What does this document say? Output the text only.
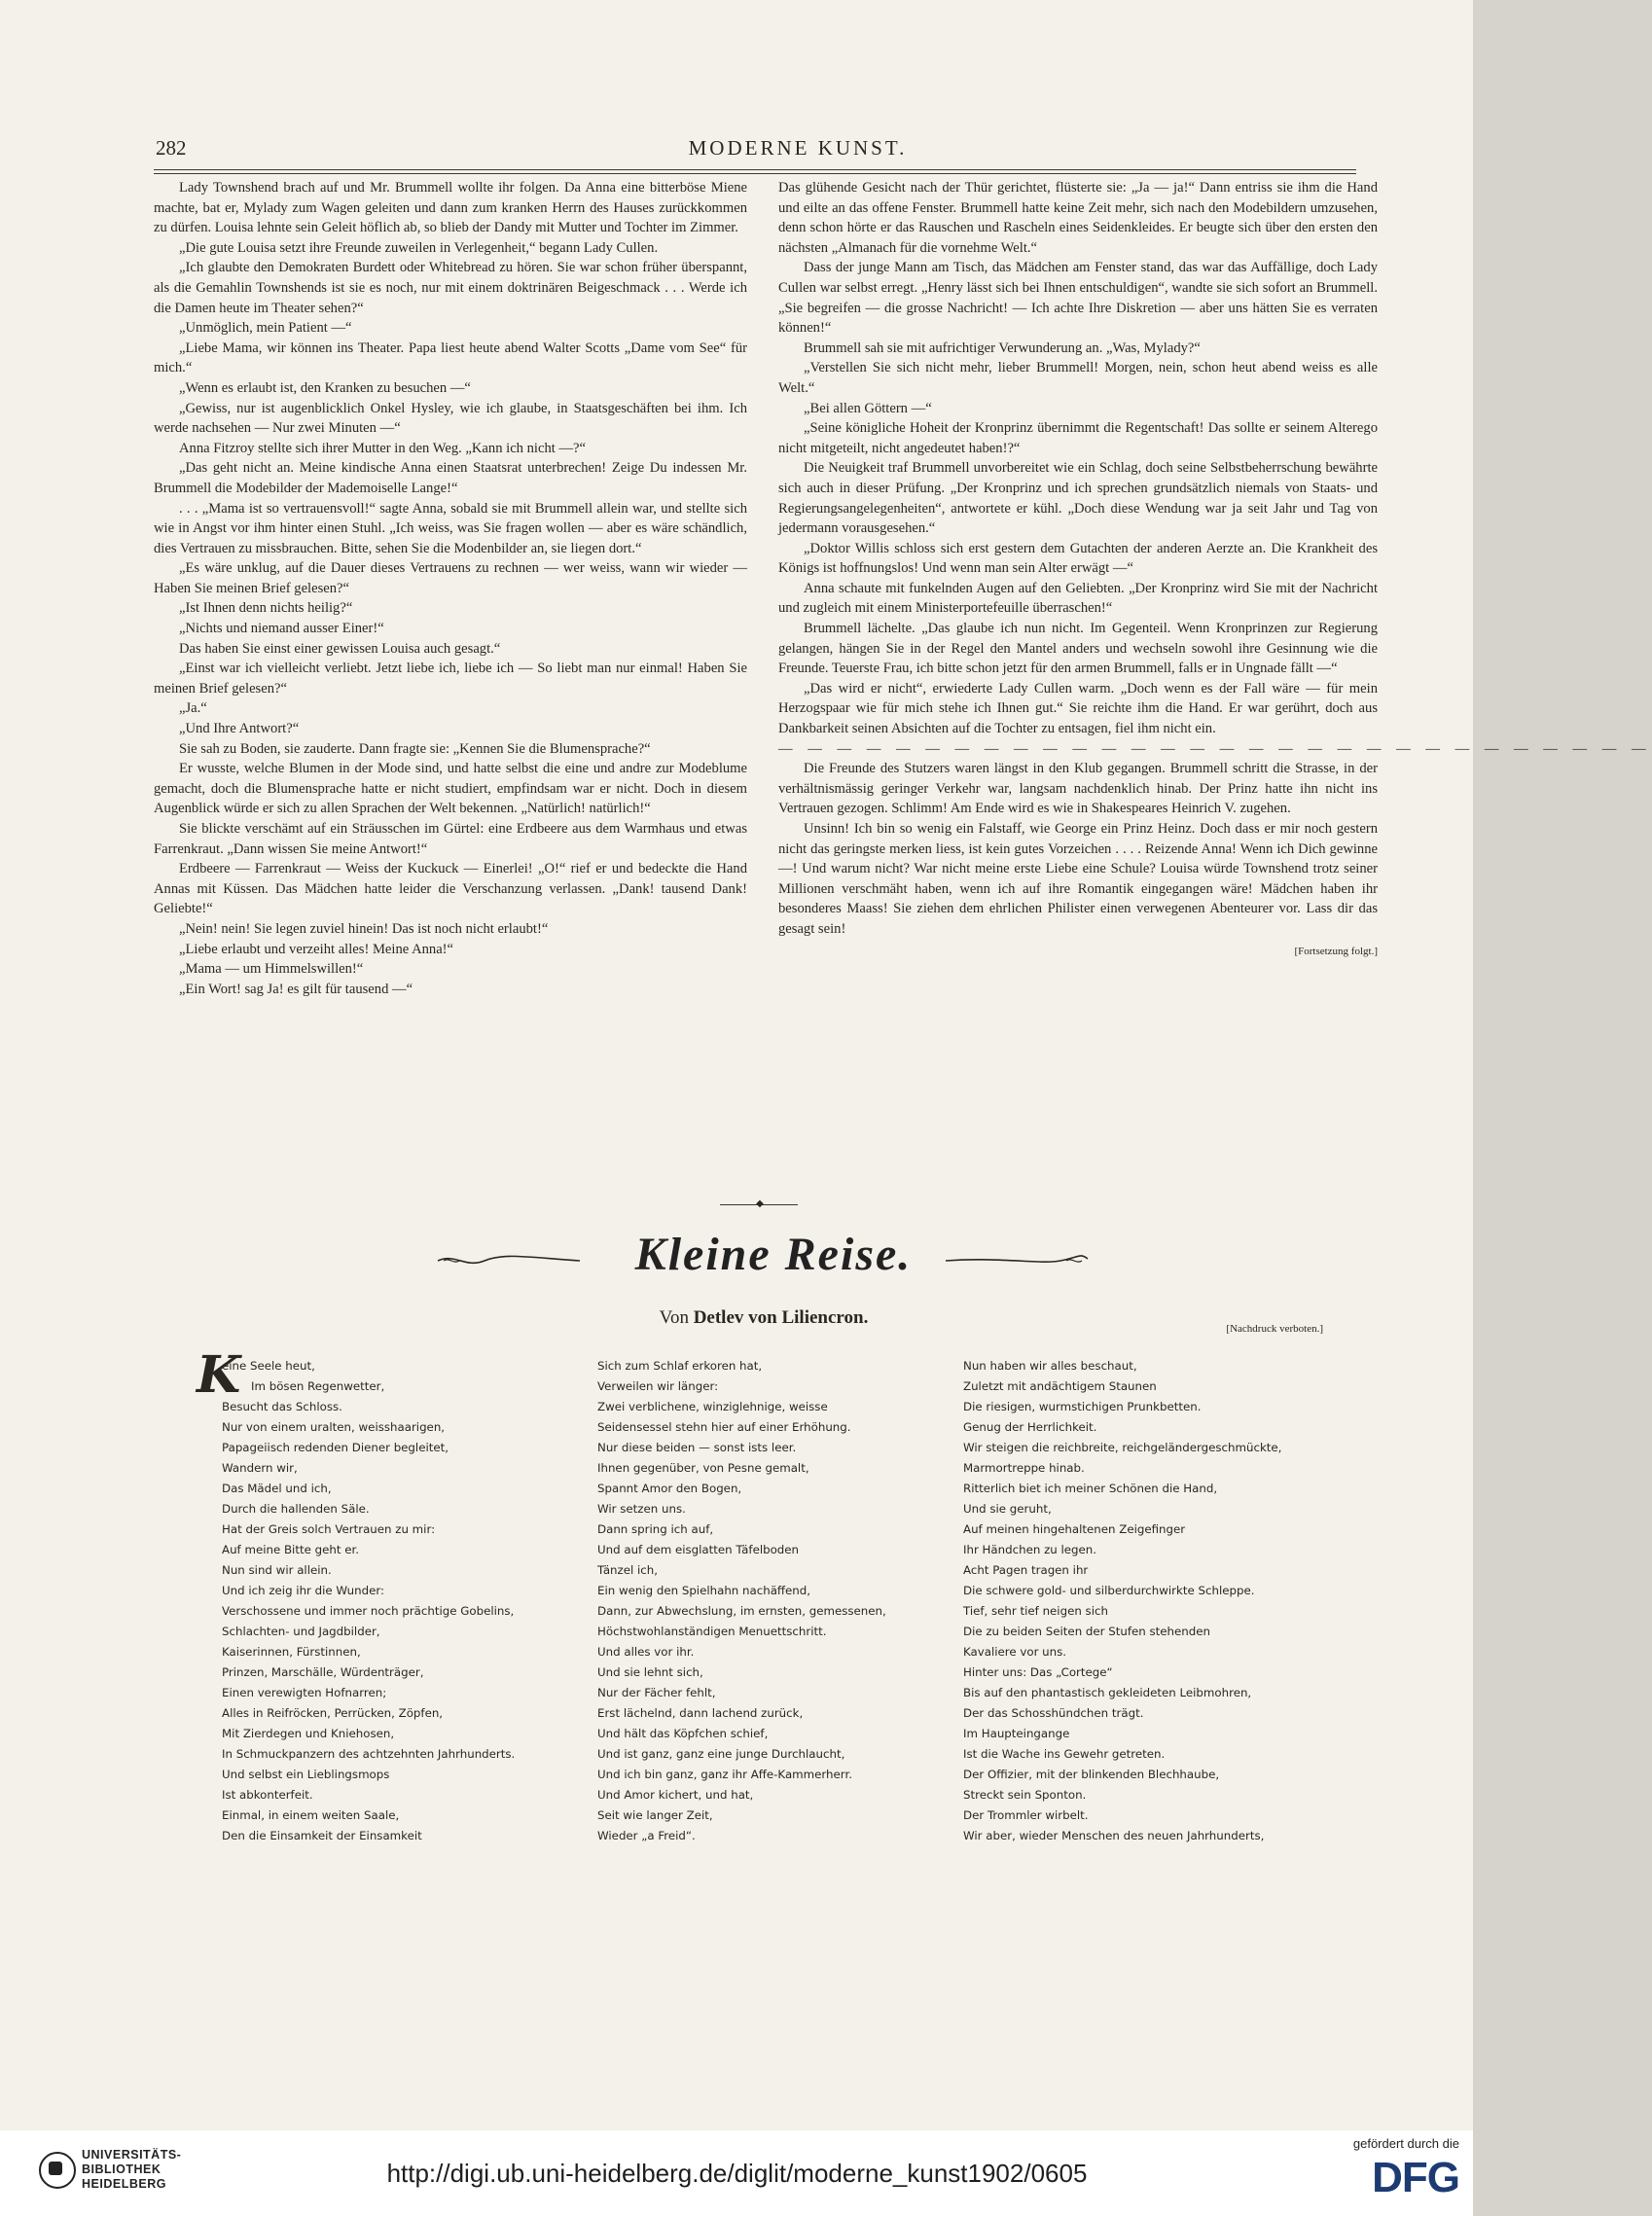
282	MODERNE KUNST.

Lady Townshend brach auf und Mr. Brummell wollte ihr folgen. Da Anna eine bitterböse Miene machte, bat er, Mylady zum Wagen geleiten und dann zum kranken Herrn des Hauses zurückkommen zu dürfen. Louisa lehnte sein Geleit höflich ab, so blieb der Dandy mit Mutter und Tochter im Zimmer.

„Die gute Louisa setzt ihre Freunde zuweilen in Verlegenheit,“ begann Lady Cullen.

„Ich glaubte den Demokraten Burdett oder Whitebread zu hören. Sie war schon früher überspannt, als die Gemahlin Townshends ist sie es noch, nur mit einem doktrinären Beigeschmack . . . Werde ich die Damen heute im Theater sehen?“

„Unmöglich, mein Patient —“

„Liebe Mama, wir können ins Theater. Papa liest heute abend Walter Scotts „Dame vom See“ für mich.“

„Wenn es erlaubt ist, den Kranken zu besuchen —“

„Gewiss, nur ist augenblicklich Onkel Hysley, wie ich glaube, in Staatsgeschäften bei ihm. Ich werde nachsehen — Nur zwei Minuten —“

Anna Fitzroy stellte sich ihrer Mutter in den Weg. „Kann ich nicht —?“

„Das geht nicht an. Meine kindische Anna einen Staatsrat unterbrechen! Zeige Du indessen Mr. Brummell die Modebilder der Mademoiselle Lange!“

. . . „Mama ist so vertrauensvoll!“ sagte Anna, sobald sie mit Brummell allein war, und stellte sich wie in Angst vor ihm hinter einen Stuhl. „Ich weiss, was Sie fragen wollen — aber es wäre schändlich, dies Vertrauen zu missbrauchen. Bitte, sehen Sie die Modenbilder an, sie liegen dort.“

„Es wäre unklug, auf die Dauer dieses Vertrauens zu rechnen — wer weiss, wann wir wieder — Haben Sie meinen Brief gelesen?“

„Ist Ihnen denn nichts heilig?“

„Nichts und niemand ausser Einer!“

Das haben Sie einst einer gewissen Louisa auch gesagt.“

„Einst war ich vielleicht verliebt. Jetzt liebe ich, liebe ich — So liebt man nur einmal! Haben Sie meinen Brief gelesen?“

„Ja.“

„Und Ihre Antwort?“

Sie sah zu Boden, sie zauderte. Dann fragte sie: „Kennen Sie die Blumensprache?“

Er wusste, welche Blumen in der Mode sind, und hatte selbst die eine und andre zur Modeblume gemacht, doch die Blumensprache hatte er nicht studiert, empfindsam war er nicht. Doch in diesem Augenblick würde er sich zu allen Sprachen der Welt bekennen. „Natürlich! natürlich!“

Sie blickte verschämt auf ein Sträusschen im Gürtel: eine Erdbeere aus dem Warmhaus und etwas Farrenkraut. „Dann wissen Sie meine Antwort!“

Erdbeere — Farrenkraut — Weiss der Kuckuck — Einerlei! „O!“ rief er und bedeckte die Hand Annas mit Küssen. Das Mädchen hatte leider die Verschanzung verlassen. „Dank! tausend Dank! Geliebte!“

„Nein! nein! Sie legen zuviel hinein! Das ist noch nicht erlaubt!“

„Liebe erlaubt und verzeiht alles! Meine Anna!“

„Mama — um Himmelswillen!“

„Ein Wort! sag Ja! es gilt für tausend —“

Das glühende Gesicht nach der Thür gerichtet, flüsterte sie: „Ja — ja!“ Dann entriss sie ihm die Hand und eilte an das offene Fenster. Brummell hatte keine Zeit mehr, sich nach den Modebildern umzusehen, denn schon hörte er das Rauschen und Rascheln eines Seidenkleides. Er beugte sich über den ersten den nächsten „Almanach für die vornehme Welt.“

Dass der junge Mann am Tisch, das Mädchen am Fenster stand, das war das Auffällige, doch Lady Cullen war selbst erregt. „Henry lässt sich bei Ihnen entschuldigen“, wandte sie sich sofort an Brummell. „Sie begreifen — die grosse Nachricht! — Ich achte Ihre Diskretion — aber uns hätten Sie es verraten können!“

Brummell sah sie mit aufrichtiger Verwunderung an. „Was, Mylady?“

„Verstellen Sie sich nicht mehr, lieber Brummell! Morgen, nein, schon heut abend weiss es alle Welt.“

„Bei allen Göttern —“

„Seine königliche Hoheit der Kronprinz übernimmt die Regentschaft! Das sollte er seinem Alterego nicht mitgeteilt, nicht angedeutet haben!?“

Die Neuigkeit traf Brummell unvorbereitet wie ein Schlag, doch seine Selbstbeherrschung bewährte sich auch in dieser Prüfung. „Der Kronprinz und ich sprechen grundsätzlich niemals von Staats- und Regierungsangelegenheiten“, antwortete er kühl. „Doch diese Wendung war ja seit Jahr und Tag von jedermann vorausgesehen.“

„Doktor Willis schloss sich erst gestern dem Gutachten der anderen Aerzte an. Die Krankheit des Königs ist hoffnungslos! Und wenn man sein Alter erwägt —“

Anna schaute mit funkelnden Augen auf den Geliebten. „Der Kronprinz wird Sie mit der Nachricht und zugleich mit einem Ministerportefeuille überraschen!“

Brummell lächelte. „Das glaube ich nun nicht. Im Gegenteil. Wenn Kronprinzen zur Regierung gelangen, hängen Sie in der Regel den Mantel anders und wechseln sowohl ihre Gesinnung wie die Freunde. Teuerste Frau, ich bitte schon jetzt für den armen Brummell, falls er in Ungnade fällt —“

„Das wird er nicht“, erwiederte Lady Cullen warm. „Doch wenn es der Fall wäre — für mein Herzogspaar wie für mich stehe ich Ihnen gut.“ Sie reichte ihm die Hand. Er war gerührt, doch aus Dankbarkeit seinen Absichten auf die Tochter zu entsagen, fiel ihm nicht ein.

— — — — — — — — — — — — — — — — — — — — — — — — — — — — — —

Die Freunde des Stutzers waren längst in den Klub gegangen. Brummell schritt die Strasse, in der verhältnismässig geringer Verkehr war, langsam nachdenklich hinab. Der Prinz hatte ihn nicht ins Vertrauen gezogen. Schlimm! Am Ende wird es wie in Shakespeares Heinrich V. zugehen.

Unsinn! Ich bin so wenig ein Falstaff, wie George ein Prinz Heinz. Doch dass er mir noch gestern nicht das geringste merken liess, ist kein gutes Vorzeichen . . . . Reizende Anna! Wenn ich Dich gewinne —! Und warum nicht? War nicht meine erste Liebe eine Schule? Louisa würde Townshend trotz seiner Millionen verschmäht haben, wenn ich auf ihre Romantik eingegangen wäre! Mädchen haben ihr besonderes Maass! Sie ziehen dem ehrlichen Philister einen verwegenen Abenteurer vor. Lass dir das gesagt sein!

[Fortsetzung folgt.]

◆
Kleine Reise.
Von Detlev von Liliencron.
[Nachdruck verboten.]
K
eine Seele heut,
Im bösen Regenwetter,
Besucht das Schloss.
Nur von einem uralten, weisshaarigen,
Papageiisch redenden Diener begleitet,
Wandern wir,
Das Mädel und ich,
Durch die hallenden Säle.
Hat der Greis solch Vertrauen zu mir:
Auf meine Bitte geht er.
Nun sind wir allein.
Und ich zeig ihr die Wunder:
Verschossene und immer noch prächtige Gobelins,
Schlachten- und Jagdbilder,
Kaiserinnen, Fürstinnen,
Prinzen, Marschälle, Würdenträger,
Einen verewigten Hofnarren;
Alles in Reifröcken, Perrücken, Zöpfen,
Mit Zierdegen und Kniehosen,
In Schmuckpanzern des achtzehnten Jahrhunderts.
Und selbst ein Lieblingsmops
Ist abkonterfeit.
Einmal, in einem weiten Saale,
Den die Einsamkeit der Einsamkeit
Sich zum Schlaf erkoren hat,
Verweilen wir länger:
Zwei verblichene, winziglehnige, weisse
Seidensessel stehn hier auf einer Erhöhung.
Nur diese beiden — sonst ists leer.
Ihnen gegenüber, von Pesne gemalt,
Spannt Amor den Bogen,
Wir setzen uns.
Dann spring ich auf,
Und auf dem eisglatten Täfelboden
Tänzel ich,
Ein wenig den Spielhahn nachäffend,
Dann, zur Abwechslung, im ernsten, gemessenen,
Höchstwohlanständigen Menuettschritt.
Und alles vor ihr.
Und sie lehnt sich,
Nur der Fächer fehlt,
Erst lächelnd, dann lachend zurück,
Und hält das Köpfchen schief,
Und ist ganz, ganz eine junge Durchlaucht,
Und ich bin ganz, ganz ihr Affe-Kammerherr.
Und Amor kichert, und hat,
Seit wie langer Zeit,
Wieder „a Freid“.
Nun haben wir alles beschaut,
Zuletzt mit andächtigem Staunen
Die riesigen, wurmstichigen Prunkbetten.
Genug der Herrlichkeit.
Wir steigen die reichbreite, reichgeländergeschmückte,
Marmortreppe hinab.
Ritterlich biet ich meiner Schönen die Hand,
Und sie geruht,
Auf meinen hingehaltenen Zeigefinger
Ihr Händchen zu legen.
Acht Pagen tragen ihr
Die schwere gold- und silberdurchwirkte Schleppe.
Tief, sehr tief neigen sich
Die zu beiden Seiten der Stufen stehenden
Kavaliere vor uns.
Hinter uns: Das „Cortege“
Bis auf den phantastisch gekleideten Leibmohren,
Der das Schosshündchen trägt.
Im Haupteingange
Ist die Wache ins Gewehr getreten.
Der Offizier, mit der blinkenden Blechhaube,
Streckt sein Sponton.
Der Trommler wirbelt.
Wir aber, wieder Menschen des neuen Jahrhunderts,
UNIVERSITÄTS-
BIBLIOTHEK
HEIDELBERG	http://digi.ub.uni-heidelberg.de/diglit/moderne_kunst1902/0605
gefördert durch die
DFG
